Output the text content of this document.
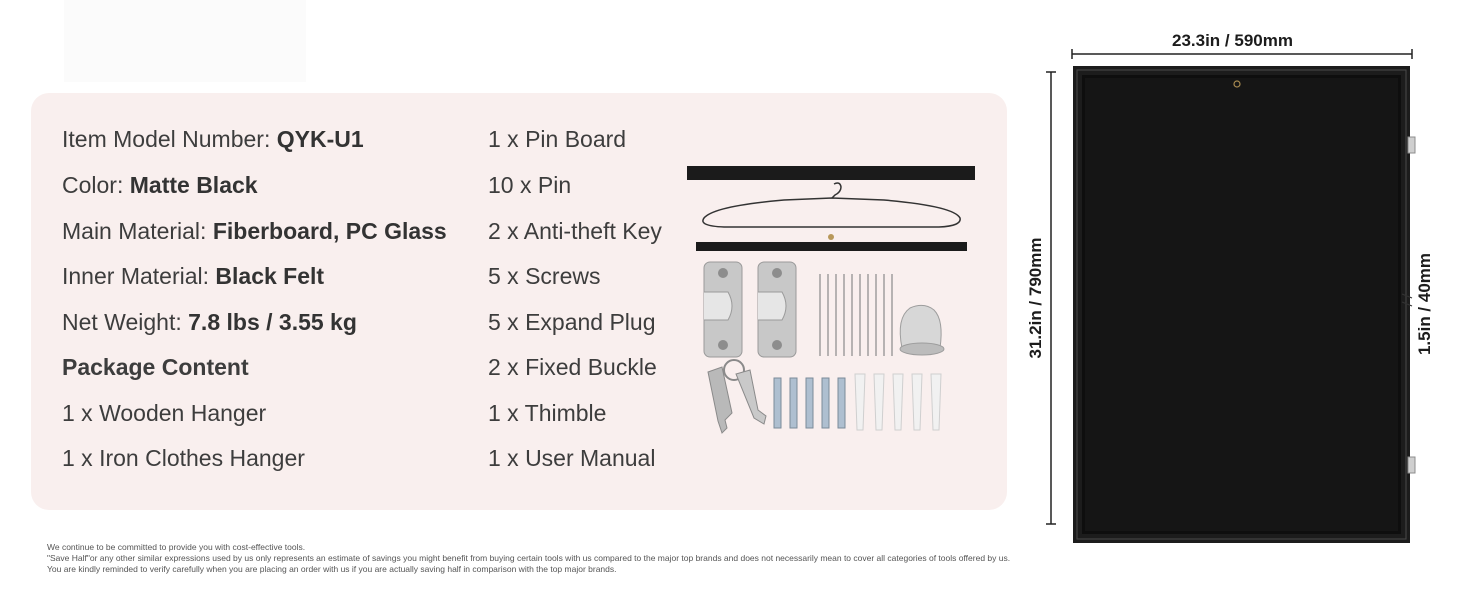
Item Model Number: QYK-U1
Color: Matte Black
Main Material: Fiberboard, PC Glass
Inner Material: Black Felt
Net Weight: 7.8 lbs / 3.55 kg
Package Content
1 x Wooden Hanger
1 x Iron Clothes Hanger
1 x Pin Board
10 x Pin
2 x Anti-theft Key
5 x Screws
5 x Expand Plug
2 x Fixed Buckle
1 x Thimble
1 x User Manual
We continue to be committed to provide you with cost-effective tools.
"Save Half"or any other similar expressions used by us only represents an estimate of savings you might benefit from buying certain tools with us compared to the major top brands and does not necessarily mean to cover all categories of tools offered by us.
You are kindly reminded to verify carefully when you are placing an order with us if you are actually saving half in comparison with the top major brands.
23.3in / 590mm
31.2in / 790mm	1.5in / 40mm
